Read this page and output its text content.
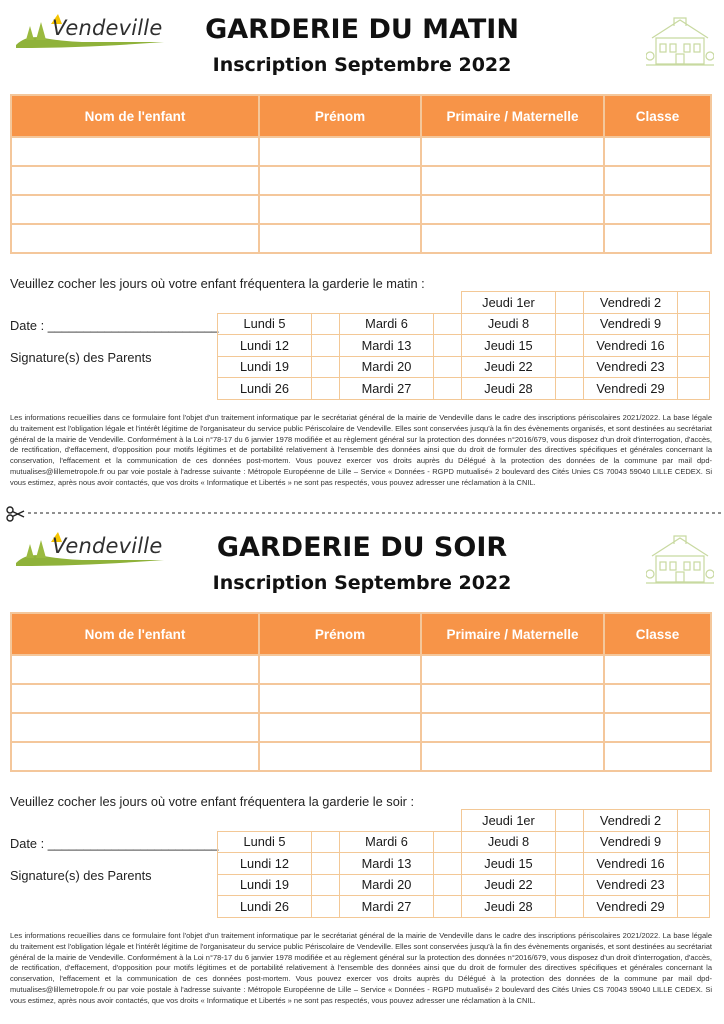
Vendeville	GARDERIE DU MATIN
Inscription Septembre 2022
Nom de l'enfant	Prénom	Primaire / Maternelle	Classe

Veuillez cocher les jours où votre enfant fréquentera la garderie le matin :
Date : ________________________
Signature(s) des Parents
				Jeudi 1er		Vendredi 2	
Lundi 5		Mardi 6		Jeudi 8		Vendredi 9	
Lundi 12		Mardi 13		Jeudi 15		Vendredi 16	
Lundi 19		Mardi 20		Jeudi 22		Vendredi 23	
Lundi 26		Mardi 27		Jeudi 28		Vendredi 29	
Les informations recueillies dans ce formulaire font l'objet d'un traitement informatique par le secrétariat général de la mairie de Vendeville dans le cadre des inscriptions périscolaires 2021/2022. La base légale du traitement est l'obligation légale et l'intérêt légitime de l'organisateur du service public Périscolaire de Vendeville. Elles sont conservées jusqu'à la fin des évènements organisés, et sont destinées au secrétariat général de la mairie de Vendeville. Conformément à la Loi n°78-17 du 6 janvier 1978 modifiée et au règlement général sur la protection des données n°2016/679, vous disposez d'un droit d'interrogation, d'accès, de rectification, d'effacement, d'opposition pour motifs légitimes et de portabilité relativement à l'ensemble des données ainsi que du droit de formuler des directives spécifiques et générales concernant la conservation, l'effacement et la communication de ces données post-mortem. Vous pouvez exercer vos droits auprès du Délégué à la protection des données de la commune par mail dpd-mutualises@lillemetropole.fr ou par voie postale à l'adresse suivante : Métropole Européenne de Lille – Service « Données - RGPD mutualisé» 2 boulevard des Cités Unies CS 70043 59040 LILLE CEDEX. Si vous estimez, après nous avoir contactés, que vos droits « Informatique et Libertés » ne sont pas respectés, vous pouvez adresser une réclamation à la CNIL.
Vendeville	GARDERIE DU SOIR
Inscription Septembre 2022
Nom de l'enfant	Prénom	Primaire / Maternelle	Classe

Veuillez cocher les jours où votre enfant fréquentera la garderie le soir :
Date : ________________________
Signature(s) des Parents
				Jeudi 1er		Vendredi 2	
Lundi 5		Mardi 6		Jeudi 8		Vendredi 9	
Lundi 12		Mardi 13		Jeudi 15		Vendredi 16	
Lundi 19		Mardi 20		Jeudi 22		Vendredi 23	
Lundi 26		Mardi 27		Jeudi 28		Vendredi 29	
Les informations recueillies dans ce formulaire font l'objet d'un traitement informatique par le secrétariat général de la mairie de Vendeville dans le cadre des inscriptions périscolaires 2021/2022. La base légale du traitement est l'obligation légale et l'intérêt légitime de l'organisateur du service public Périscolaire de Vendeville. Elles sont conservées jusqu'à la fin des évènements organisés, et sont destinées au secrétariat général de la mairie de Vendeville. Conformément à la Loi n°78-17 du 6 janvier 1978 modifiée et au règlement général sur la protection des données n°2016/679, vous disposez d'un droit d'interrogation, d'accès, de rectification, d'effacement, d'opposition pour motifs légitimes et de portabilité relativement à l'ensemble des données ainsi que du droit de formuler des directives spécifiques et générales concernant la conservation, l'effacement et la communication de ces données post-mortem. Vous pouvez exercer vos droits auprès du Délégué à la protection des données de la commune par mail dpd-mutualises@lillemetropole.fr ou par voie postale à l'adresse suivante : Métropole Européenne de Lille – Service « Données - RGPD mutualisé» 2 boulevard des Cités Unies CS 70043 59040 LILLE CEDEX. Si vous estimez, après nous avoir contactés, que vos droits « Informatique et Libertés » ne sont pas respectés, vous pouvez adresser une réclamation à la CNIL.
